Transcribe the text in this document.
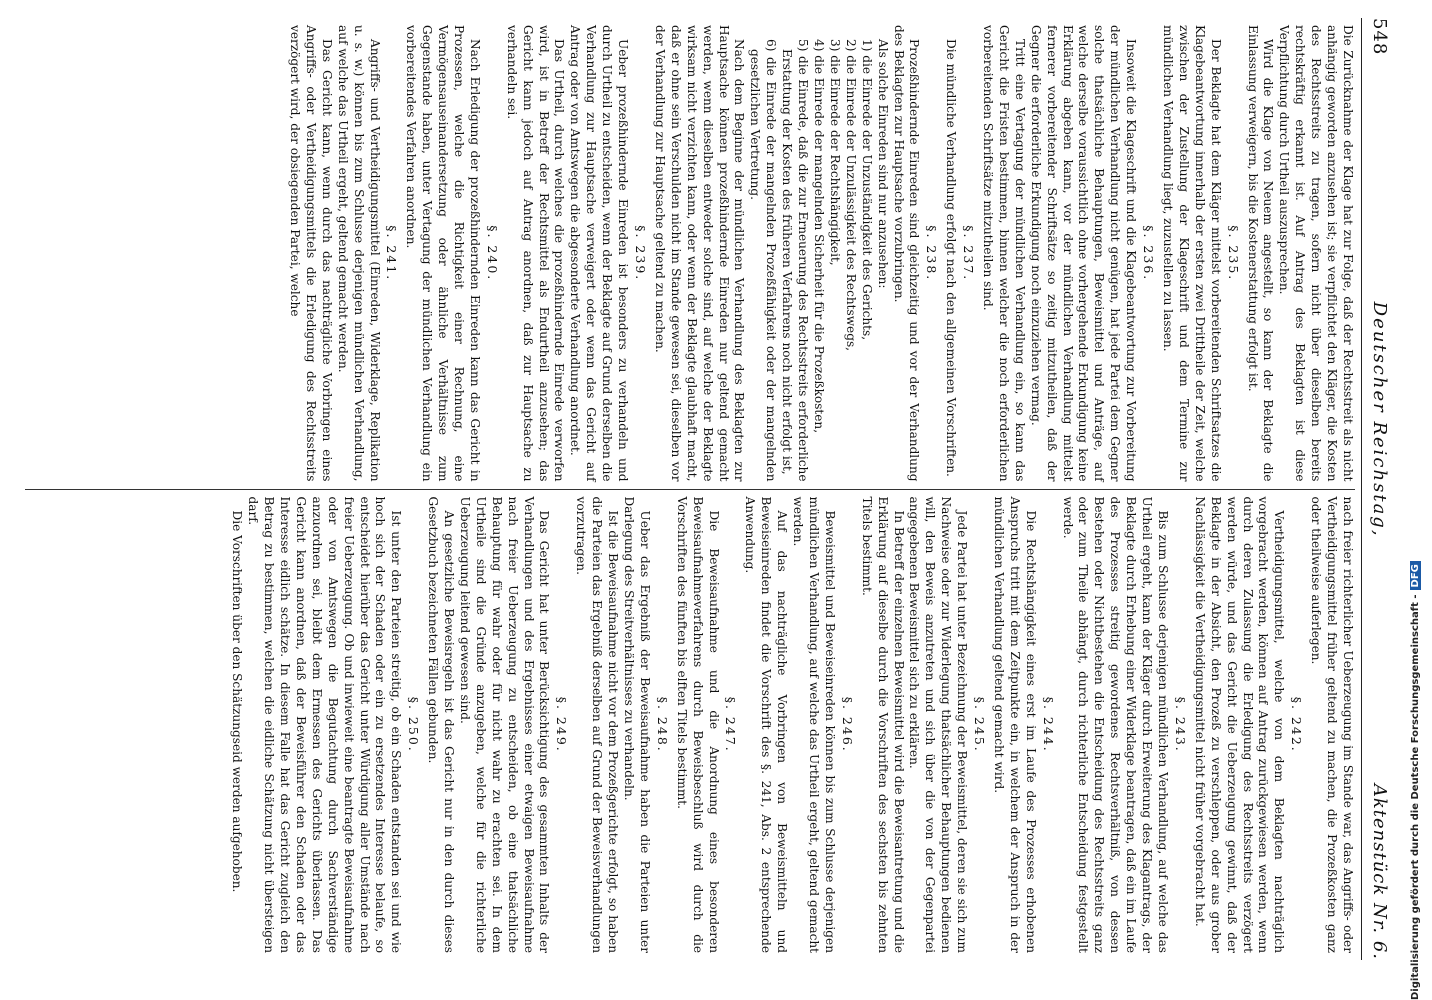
548
Deutscher Reichstag,
Aktenstück Nr. 6.

Die Zurücknahme der Klage hat zur Folge, daß der Rechtsstreit als nicht anhängig geworden anzusehen ist; sie verpflichtet den Kläger, die Kosten des Rechtsstreits zu tragen, sofern nicht über dieselben bereits rechtskräftig erkannt ist. Auf Antrag des Beklagten ist diese Verpflichtung durch Urtheil auszusprechen.

Wird die Klage von Neuem angestellt, so kann der Beklagte die Einlassung verweigern, bis die Kostenerstattung erfolgt ist.

§. 235.

Der Beklagte hat dem Kläger mittelst vorbereitenden Schriftsatzes die Klagebeantwortung innerhalb der ersten zwei Drittheile der Zeit, welche zwischen der Zustellung der Klageschrift und dem Termine zur mündlichen Verhandlung liegt, zuzustellen zu lassen.

§. 236.

Insoweit die Klageschrift und die Klagebeantwortung zur Vorbereitung der mündlichen Verhandlung nicht genügen, hat jede Partei dem Gegner solche thatsächliche Behauptungen, Beweismittel und Anträge, auf welche derselbe voraussichtlich ohne vorhergehende Erkundigung keine Erklärung abgeben kann, vor der mündlichen Verhandlung mittelst fernerer vorbereitender Schriftsätze so zeitig mitzutheilen, daß der Gegner die erforderliche Erkundigung noch einzuziehen vermag.

Tritt eine Vertagung der mündlichen Verhandlung ein, so kann das Gericht die Fristen bestimmen, binnen welcher die noch erforderlichen vorbereitenden Schriftsätze mitzutheilen sind.

§. 237.

Die mündliche Verhandlung erfolgt nach den allgemeinen Vorschriften.

§. 238.

Prozeßhindernde Einreden sind gleichzeitig und vor der Verhandlung des Beklagten zur Hauptsache vorzubringen.

Als solche Einreden sind nur anzusehen:

1) die Einrede der Unzuständigkeit des Gerichts,
2) die Einrede der Unzulässigkeit des Rechtswegs,
3) die Einrede der Rechtshängigkeit,
4) die Einrede der mangelnden Sicherheit für die Prozeßkosten,
5) die Einrede, daß die zur Erneuerung des Rechtsstreits erforderliche Erstattung der Kosten des früheren Verfahrens noch nicht erfolgt ist,
6) die Einrede der mangelnden Prozeßfähigkeit oder der mangelnden gesetzlichen Vertretung.

Nach dem Beginne der mündlichen Verhandlung des Beklagten zur Hauptsache können prozeßhindernde Einreden nur geltend gemacht werden, wenn dieselben entweder solche sind, auf welche der Beklagte wirksam nicht verzichten kann, oder wenn der Beklagte glaubhaft macht, daß er ohne sein Verschulden nicht im Stande gewesen sei, dieselben vor der Verhandlung zur Hauptsache geltend zu machen.

§. 239.

Ueber prozeßhindernde Einreden ist besonders zu verhandeln und durch Urtheil zu entscheiden, wenn der Beklagte auf Grund derselben die Verhandlung zur Hauptsache verweigert oder wenn das Gericht auf Antrag oder von Amtswegen die abgesonderte Verhandlung anordnet.

Das Urtheil, durch welches die prozeßhindernde Einrede verworfen wird, ist in Betreff der Rechtsmittel als Endurtheil anzusehen; das Gericht kann jedoch auf Antrag anordnen, daß zur Hauptsache zu verhandeln sei.

§. 240.

Nach Erledigung der prozeßhindernden Einreden kann das Gericht in Prozessen, welche die Richtigkeit einer Rechnung, eine Vermögensauseinandersetzung oder ähnliche Verhältnisse zum Gegenstande haben, unter Vertagung der mündlichen Verhandlung ein vorbereitendes Verfahren anordnen.

§. 241.

Angriffs- und Vertheidigungsmittel (Einreden, Widerklage, Replikation u. s. w.) können bis zum Schlusse derjenigen mündlichen Verhandlung, auf welche das Urtheil ergeht, geltend gemacht werden.

Das Gericht kann, wenn durch das nachträgliche Vorbringen eines Angriffs- oder Vertheidigungsmittels die Erledigung des Rechtsstreits verzögert wird, der obsiegenden Partei, welche

nach freier richterlicher Ueberzeugung im Stande war, das Angriffs- oder Vertheidigungsmittel früher geltend zu machen, die Prozeßkosten ganz oder theilweise auferlegen.

§. 242.

Vertheidigungsmittel, welche von dem Beklagten nachträglich vorgebracht werden, können auf Antrag zurückgewiesen werden, wenn durch deren Zulassung die Erledigung des Rechtsstreits verzögert werden würde, und das Gericht die Ueberzeugung gewinnt, daß der Beklagte in der Absicht, den Prozeß zu verschleppen, oder aus grober Nachlässigkeit die Vertheidigungsmittel nicht früher vorgebracht hat.

§. 243.

Bis zum Schlusse derjenigen mündlichen Verhandlung, auf welche das Urtheil ergeht, kann der Kläger durch Erweiterung des Klagantrags, der Beklagte durch Erhebung einer Widerklage beantragen, daß ein im Laufe des Prozesses streitig gewordenes Rechtsverhältniß, von dessen Bestehen oder Nichtbestehen die Entscheidung des Rechtsstreits ganz oder zum Theile abhängt, durch richterliche Entscheidung festgestellt werde.

§. 244.

Die Rechtshängigkeit eines erst im Laufe des Prozesses erhobenen Anspruchs tritt mit dem Zeitpunkte ein, in welchem der Anspruch in der mündlichen Verhandlung geltend gemacht wird.

§. 245.

Jede Partei hat unter Bezeichnung der Beweismittel, deren sie sich zum Nachweise oder zur Widerlegung thatsächlicher Behauptungen bedienen will, den Beweis anzutreten und sich über die von der Gegenpartei angegebenen Beweismittel sich zu erklären.

In Betreff der einzelnen Beweismittel wird die Beweisantretung und die Erklärung auf dieselbe durch die Vorschriften des sechsten bis zehnten Titels bestimmt.

§. 246.

Beweismittel und Beweiseinreden können bis zum Schlusse derjenigen mündlichen Verhandlung, auf welche das Urtheil ergeht, geltend gemacht werden.

Auf das nachträgliche Vorbringen von Beweismitteln und Beweiseinreden findet die Vorschrift des §. 241, Abs. 2 entsprechende Anwendung.

§. 247.

Die Beweisaufnahme und die Anordnung eines besonderen Beweisaufnahmeverfahrens durch Beweisbeschluß wird durch die Vorschriften des fünften bis elften Titels bestimmt.

§. 248.

Ueber das Ergebniß der Beweisaufnahme haben die Parteien unter Darlegung des Streitverhältnisses zu verhandeln.

Ist die Beweisaufnahme nicht vor dem Prozeßgerichte erfolgt, so haben die Parteien das Ergebniß derselben auf Grund der Beweisverhandlungen vorzutragen.

§. 249.

Das Gericht hat unter Berücksichtigung des gesammten Inhalts der Verhandlungen und des Ergebnisses einer etwaigen Beweisaufnahme nach freier Ueberzeugung zu entscheiden, ob eine thatsächliche Behauptung für wahr oder für nicht wahr zu erachten sei. In dem Urtheile sind die Gründe anzugeben, welche für die richterliche Ueberzeugung leitend gewesen sind.

An gesetzliche Beweisregeln ist das Gericht nur in den durch dieses Gesetzbuch bezeichneten Fällen gebunden.

§. 250.

Ist unter den Parteien streitig, ob ein Schaden entstanden sei und wie hoch sich der Schaden oder ein zu ersetzendes Interesse belaufe, so entscheidet hierüber das Gericht unter Würdigung aller Umstände nach freier Ueberzeugung. Ob und inwieweit eine beantragte Beweisaufnahme oder von Amtswegen die Begutachtung durch Sachverständige anzuordnen sei, bleibt dem Ermessen des Gerichts überlassen. Das Gericht kann anordnen, daß der Beweisführer den Schaden oder das Interesse eidlich schätze. In diesem Falle hat das Gericht zugleich den Betrag zu bestimmen, welchen die eidliche Schätzung nicht übersteigen darf.

Die Vorschriften über den Schätzungseid werden aufgehoben.	Digitalisierung gefördert durch die Deutsche Forschungsgemeinschaft -DFG
